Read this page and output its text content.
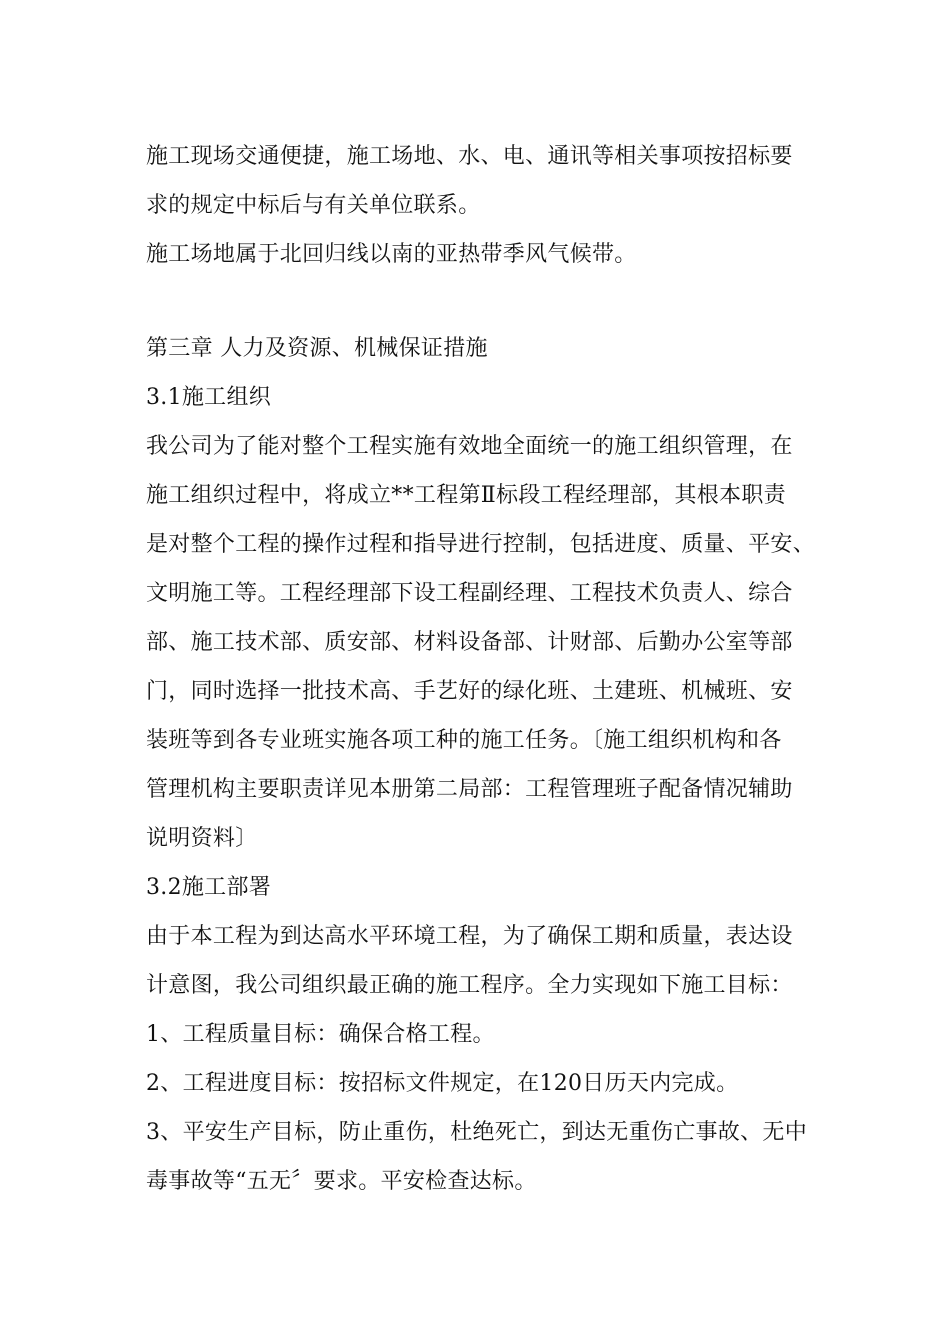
施工现场交通便捷，施工场地、水、电、通讯等相关事项按招标要

求的规定中标后与有关单位联系。

施工场地属于北回归线以南的亚热带季风气候带。

第三章 人力及资源、机械保证措施

3.1施工组织

我公司为了能对整个工程实施有效地全面统一的施工组织管理，在

施工组织过程中，将成立**工程第Ⅱ标段工程经理部，其根本职责

是对整个工程的操作过程和指导进行控制，包括进度、质量、平安、

文明施工等。工程经理部下设工程副经理、工程技术负责人、综合

部、施工技术部、质安部、材料设备部、计财部、后勤办公室等部

门，同时选择一批技术高、手艺好的绿化班、土建班、机械班、安

装班等到各专业班实施各项工种的施工任务。〔施工组织机构和各

管理机构主要职责详见本册第二局部：工程管理班子配备情况辅助

说明资料〕

3.2施工部署

由于本工程为到达高水平环境工程，为了确保工期和质量，表达设

计意图，我公司组织最正确的施工程序。全力实现如下施工目标：

1、工程质量目标：确保合格工程。

2、工程进度目标：按招标文件规定，在120日历天内完成。

3、平安生产目标，防止重伤，杜绝死亡，到达无重伤亡事故、无中

毒事故等“五无〞要求。平安检查达标。
